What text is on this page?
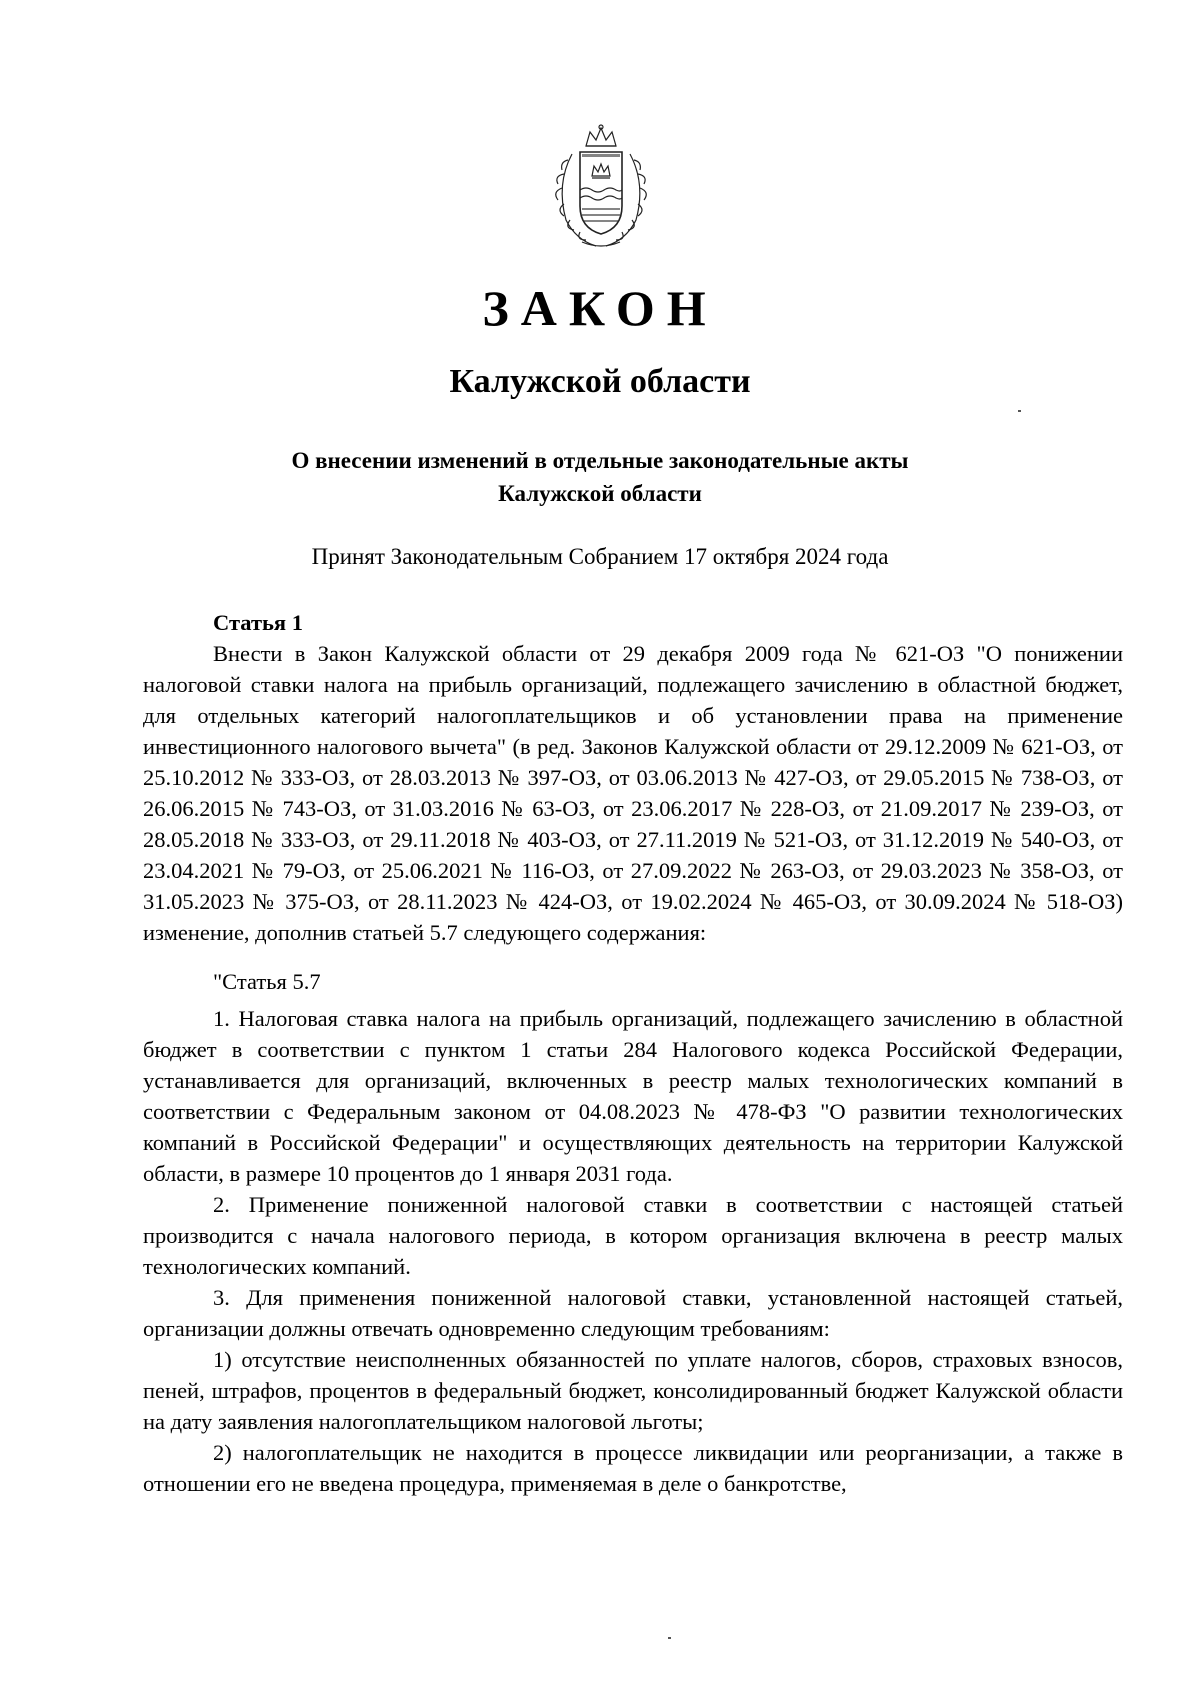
ЗАКОН
Калужской области
О внесении изменений в отдельные законодательные акты
Калужской области
Принят Законодательным Собранием 17 октября 2024 года
Статья 1

Внести в Закон Калужской области от 29 декабря 2009 года № 621-ОЗ "О понижении налоговой ставки налога на прибыль организаций, подлежащего зачислению в областной бюджет, для отдельных категорий налогоплательщиков и об установлении права на применение инвестиционного налогового вычета" (в ред. Законов Калужской области от 29.12.2009 № 621-ОЗ, от 25.10.2012 № 333-ОЗ, от 28.03.2013 № 397-ОЗ, от 03.06.2013 № 427-ОЗ, от 29.05.2015 № 738-ОЗ, от 26.06.2015 № 743-ОЗ, от 31.03.2016 № 63-ОЗ, от 23.06.2017 № 228-ОЗ, от 21.09.2017 № 239-ОЗ, от 28.05.2018 № 333-ОЗ, от 29.11.2018 № 403-ОЗ, от 27.11.2019 № 521-ОЗ, от 31.12.2019 № 540-ОЗ, от 23.04.2021 № 79-ОЗ, от 25.06.2021 № 116-ОЗ, от 27.09.2022 № 263-ОЗ, от 29.03.2023 № 358-ОЗ, от 31.05.2023 № 375-ОЗ, от 28.11.2023 № 424-ОЗ, от 19.02.2024 № 465-ОЗ, от 30.09.2024 № 518-ОЗ) изменение, дополнив статьей 5.7 следующего содержания:

"Статья 5.7

1. Налоговая ставка налога на прибыль организаций, подлежащего зачислению в областной бюджет в соответствии с пунктом 1 статьи 284 Налогового кодекса Российской Федерации, устанавливается для организаций, включенных в реестр малых технологических компаний в соответствии с Федеральным законом от 04.08.2023 № 478-ФЗ "О развитии технологических компаний в Российской Федерации" и осуществляющих деятельность на территории Калужской области, в размере 10 процентов до 1 января 2031 года.

2. Применение пониженной налоговой ставки в соответствии с настоящей статьей производится с начала налогового периода, в котором организация включена в реестр малых технологических компаний.

3. Для применения пониженной налоговой ставки, установленной настоящей статьей, организации должны отвечать одновременно следующим требованиям:

1) отсутствие неисполненных обязанностей по уплате налогов, сборов, страховых взносов, пеней, штрафов, процентов в федеральный бюджет, консолидированный бюджет Калужской области на дату заявления налогоплательщиком налоговой льготы;

2) налогоплательщик не находится в процессе ликвидации или реорганизации, а также в отношении его не введена процедура, применяемая в деле о банкротстве,
